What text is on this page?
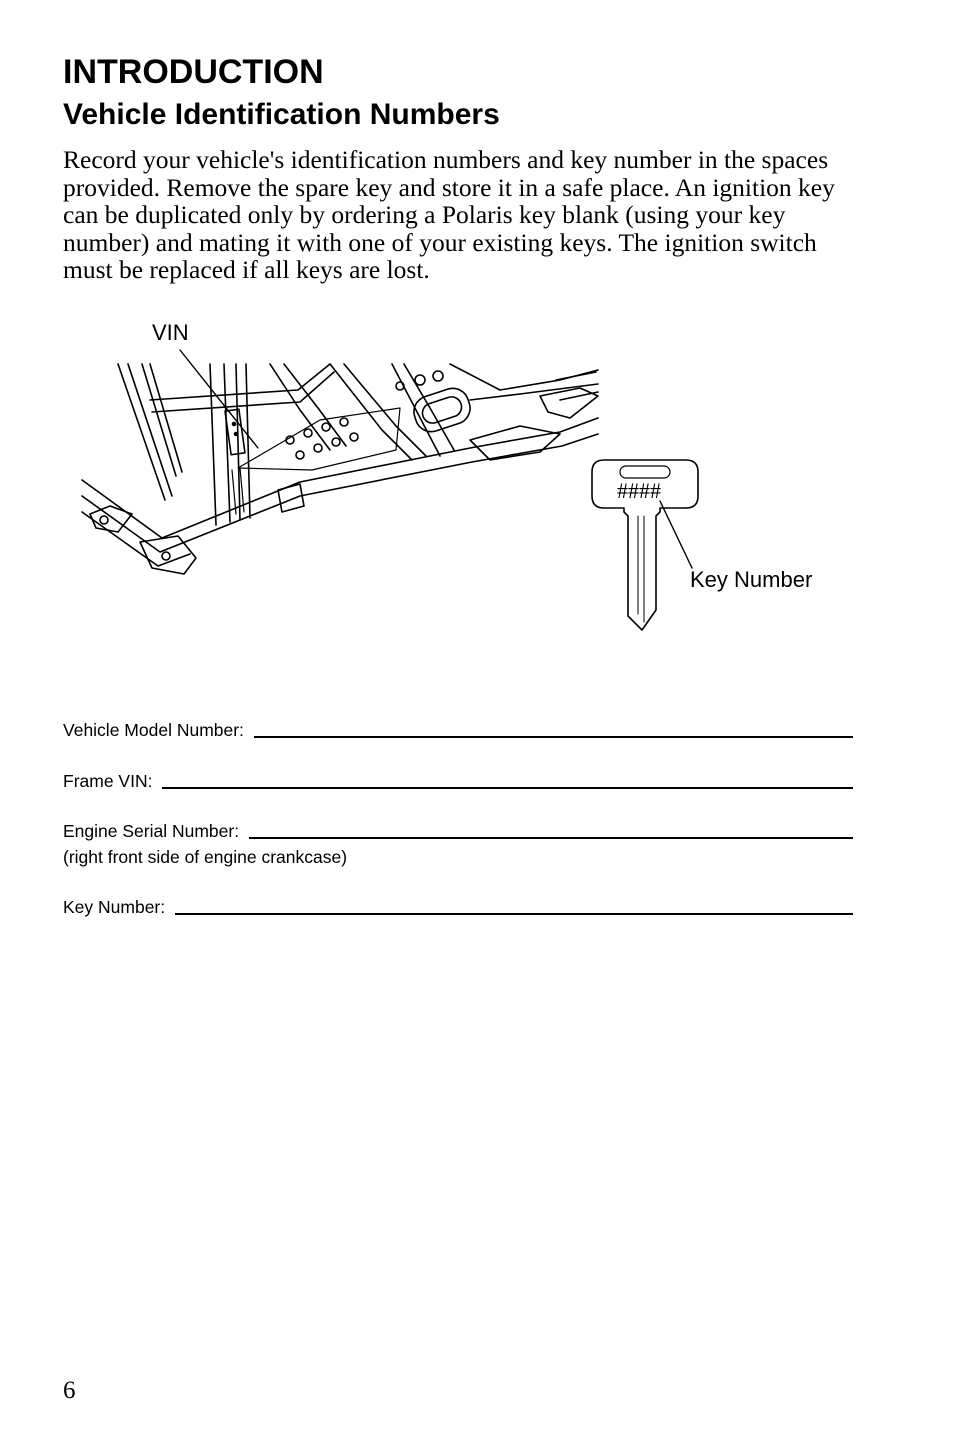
INTRODUCTION
Vehicle Identification Numbers

Record your vehicle's identification numbers and key number in the spaces provided. Remove the spare key and store it in a safe place. An ignition key can be duplicated only by ordering a Polaris key blank (using your key number) and mating it with one of your existing keys. The ignition switch must be replaced if all keys are lost.

VIN
####
Key Number
Vehicle Model Number:
Frame VIN:
Engine Serial Number:
(right front side of engine crankcase)
Key Number:
6
